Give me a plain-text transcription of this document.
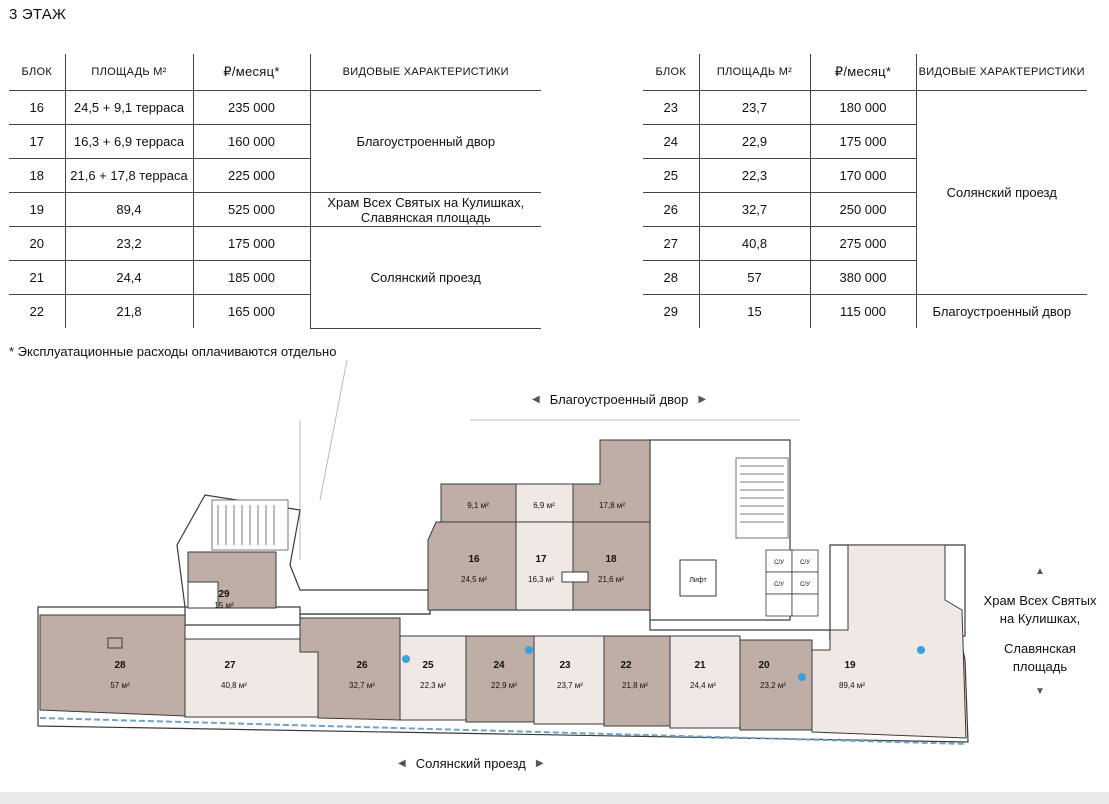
3 ЭТАЖ
БЛОК	ПЛОЩАДЬ М²	₽/месяц*	ВИДОВЫЕ ХАРАКТЕРИСТИКИ
16	24,5 + 9,1 терраса	235 000	Благоустроенный двор
17	16,3 + 6,9 терраса	160 000	
18	21,6 + 17,8 терраса	225 000	
19	89,4	525 000	Храм Всех Святых на Кулишках,
Славянская площадь

20	23,2	175 000	Солянский проезд
21	24,4	185 000	
22	21,8	165 000	
БЛОК	ПЛОЩАДЬ М²	₽/месяц*	ВИДОВЫЕ ХАРАКТЕРИСТИКИ
23	23,7	180 000	Солянский проезд
24	22,9	175 000	
25	22,3	170 000	
26	32,7	250 000	
27	40,8	275 000	
28	57	380 000	
29	15	115 000	Благоустроенный двор
* Эксплуатационные расходы оплачиваются отдельно
◀ Благоустроенный двор ▶
Лифт
С/У	С/У
С/У	С/У
29
15 м²
9,1 м²	6,9 м²	17,8 м²
16
24,5 м²
17
16,3 м²
18
21,6 м²
28
57 м²
27
40,8 м²
26
32,7 м²
25
22,3 м²
24
22,9 м²
23
23,7 м²
22
21,8 м²
21
24,4 м²
20
23,2 м²
19
89,4 м²
▲
Храм Всех Святых
на Кулишках,
Славянская
площадь
▼
◀ Солянский проезд ▶
